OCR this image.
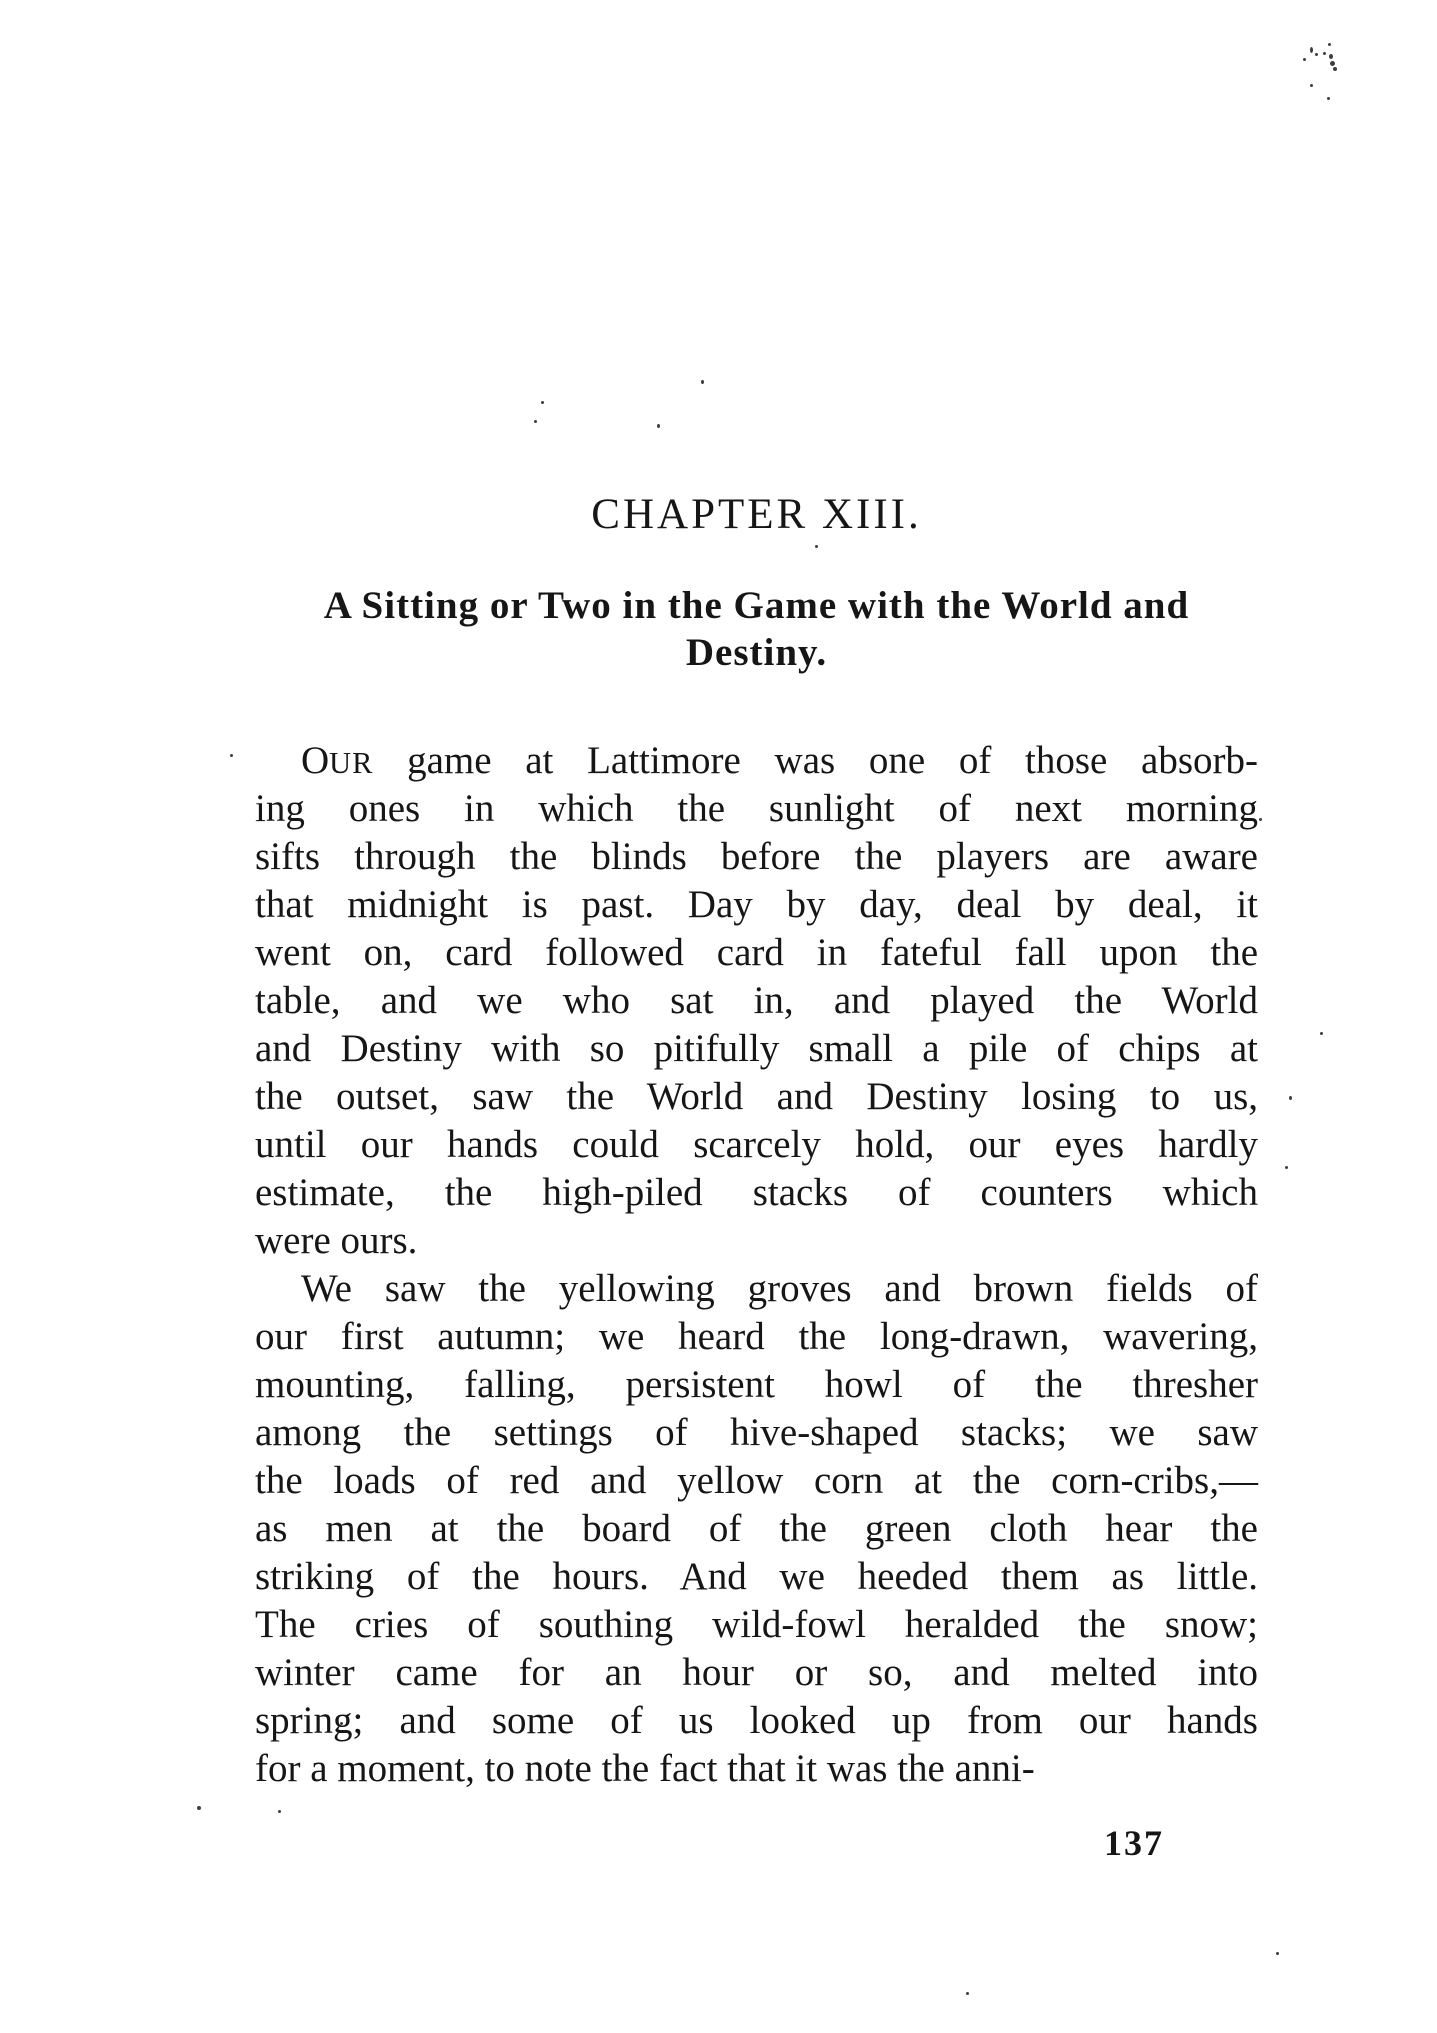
CHAPTER XIII.
A Sitting or Two in the Game with the World and
Destiny.
OUR game at Lattimore was one of those absorb-
ing ones in which the sunlight of next morning
sifts through the blinds before the players are aware
that midnight is past. Day by day, deal by deal, it
went on, card followed card in fateful fall upon the
table, and we who sat in, and played the World
and Destiny with so pitifully small a pile of chips at
the outset, saw the World and Destiny losing to us,
until our hands could scarcely hold, our eyes hardly
estimate, the high-piled stacks of counters which
were ours.
We saw the yellowing groves and brown fields of
our first autumn; we heard the long-drawn, wavering,
mounting, falling, persistent howl of the thresher
among the settings of hive-shaped stacks; we saw
the loads of red and yellow corn at the corn-cribs,—
as men at the board of the green cloth hear the
striking of the hours. And we heeded them as little.
The cries of southing wild-fowl heralded the snow;
winter came for an hour or so, and melted into
spring; and some of us looked up from our hands
for a moment, to note the fact that it was the anni-
137
